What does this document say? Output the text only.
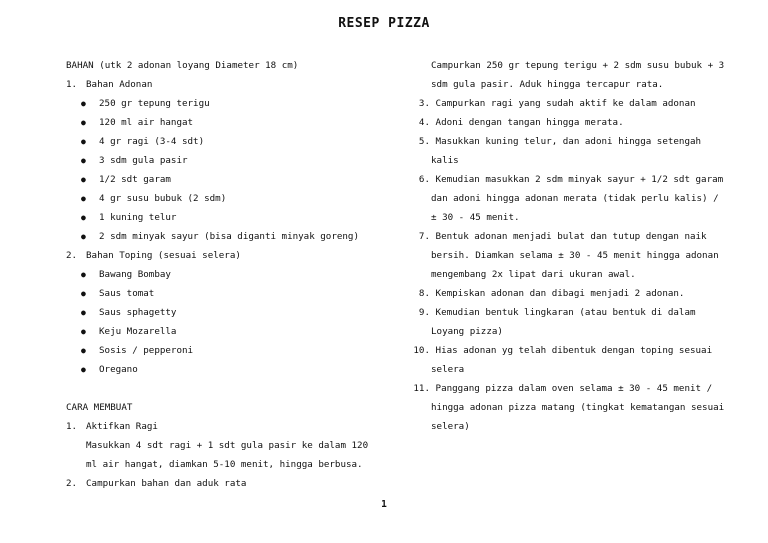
RESEP PIZZA
BAHAN (utk 2 adonan loyang Diameter 18 cm)
1. Bahan Adonan
● 250 gr tepung terigu
● 120 ml air hangat
● 4 gr ragi (3-4 sdt)
● 3 sdm gula pasir
● 1/2 sdt garam
● 4 gr susu bubuk (2 sdm)
● 1 kuning telur
● 2 sdm minyak sayur (bisa diganti minyak goreng)
2. Bahan Toping (sesuai selera)
● Bawang Bombay
● Saus tomat
● Saus sphagetty
● Keju Mozarella
● Sosis / pepperoni
● Oregano
CARA MEMBUAT
1. Aktifkan Ragi
Masukkan 4 sdt ragi + 1 sdt gula pasir ke dalam 120
ml air hangat, diamkan 5-10 menit, hingga berbusa.
2. Campurkan bahan dan aduk rata
Campurkan 250 gr tepung terigu + 2 sdm susu bubuk + 3
sdm gula pasir. Aduk hingga tercapur rata.
3. Campurkan ragi yang sudah aktif ke dalam adonan
4. Adoni dengan tangan hingga merata.
5. Masukkan kuning telur, dan adoni hingga setengah
kalis
6. Kemudian masukkan 2 sdm minyak sayur + 1/2 sdt garam
dan adoni hingga adonan merata (tidak perlu kalis) /
± 30 - 45 menit.
7. Bentuk adonan menjadi bulat dan tutup dengan naik
bersih. Diamkan selama ± 30 - 45 menit hingga adonan
mengembang 2x lipat dari ukuran awal.
8. Kempiskan adonan dan dibagi menjadi 2 adonan.
9. Kemudian bentuk lingkaran (atau bentuk di dalam
Loyang pizza)
10. Hias adonan yg telah dibentuk dengan toping sesuai
selera
11. Panggang pizza dalam oven selama ± 30 - 45 menit /
hingga adonan pizza matang (tingkat kematangan sesuai
selera)
1
